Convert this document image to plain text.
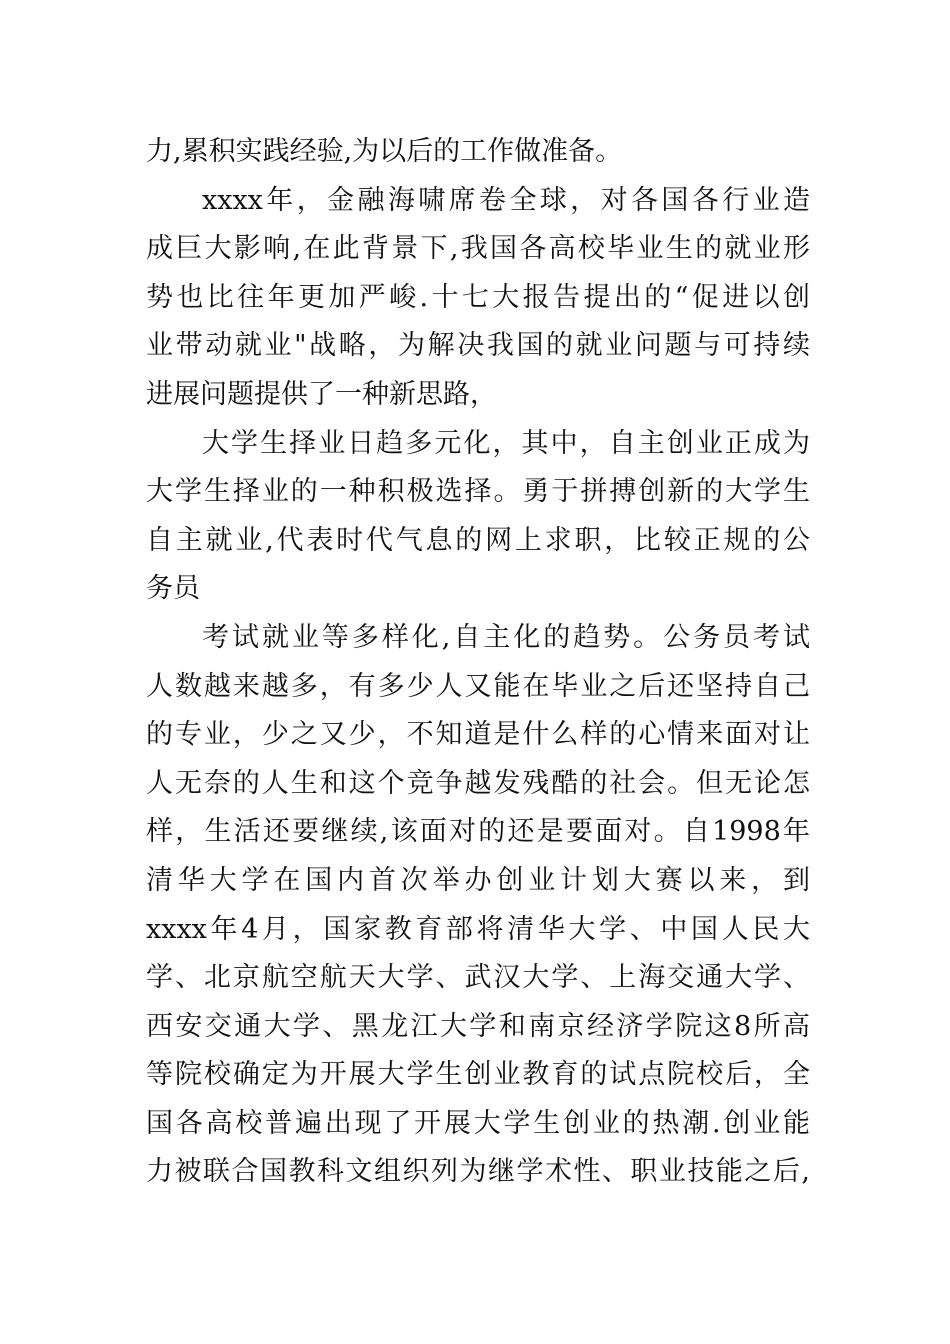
力,累积实践经验,为以后的工作做准备。
xxxx年，金融海啸席卷全球，对各国各行业造
成巨大影响,在此背景下,我国各高校毕业生的就业形
势也比往年更加严峻.十七大报告提出的“促进以创
业带动就业"战略，为解决我国的就业问题与可持续
进展问题提供了一种新思路，
大学生择业日趋多元化，其中，自主创业正成为
大学生择业的一种积极选择。勇于拼搏创新的大学生
自主就业,代表时代气息的网上求职，比较正规的公
务员
考试就业等多样化,自主化的趋势。公务员考试
人数越来越多，有多少人又能在毕业之后还坚持自己
的专业，少之又少，不知道是什么样的心情来面对让
人无奈的人生和这个竞争越发残酷的社会。但无论怎
样，生活还要继续,该面对的还是要面对。自1998年
清华大学在国内首次举办创业计划大赛以来，到
xxxx年4月，国家教育部将清华大学、中国人民大
学、北京航空航天大学、武汉大学、上海交通大学、
西安交通大学、黑龙江大学和南京经济学院这8所高
等院校确定为开展大学生创业教育的试点院校后，全
国各高校普遍出现了开展大学生创业的热潮.创业能
力被联合国教科文组织列为继学术性、职业技能之后,
